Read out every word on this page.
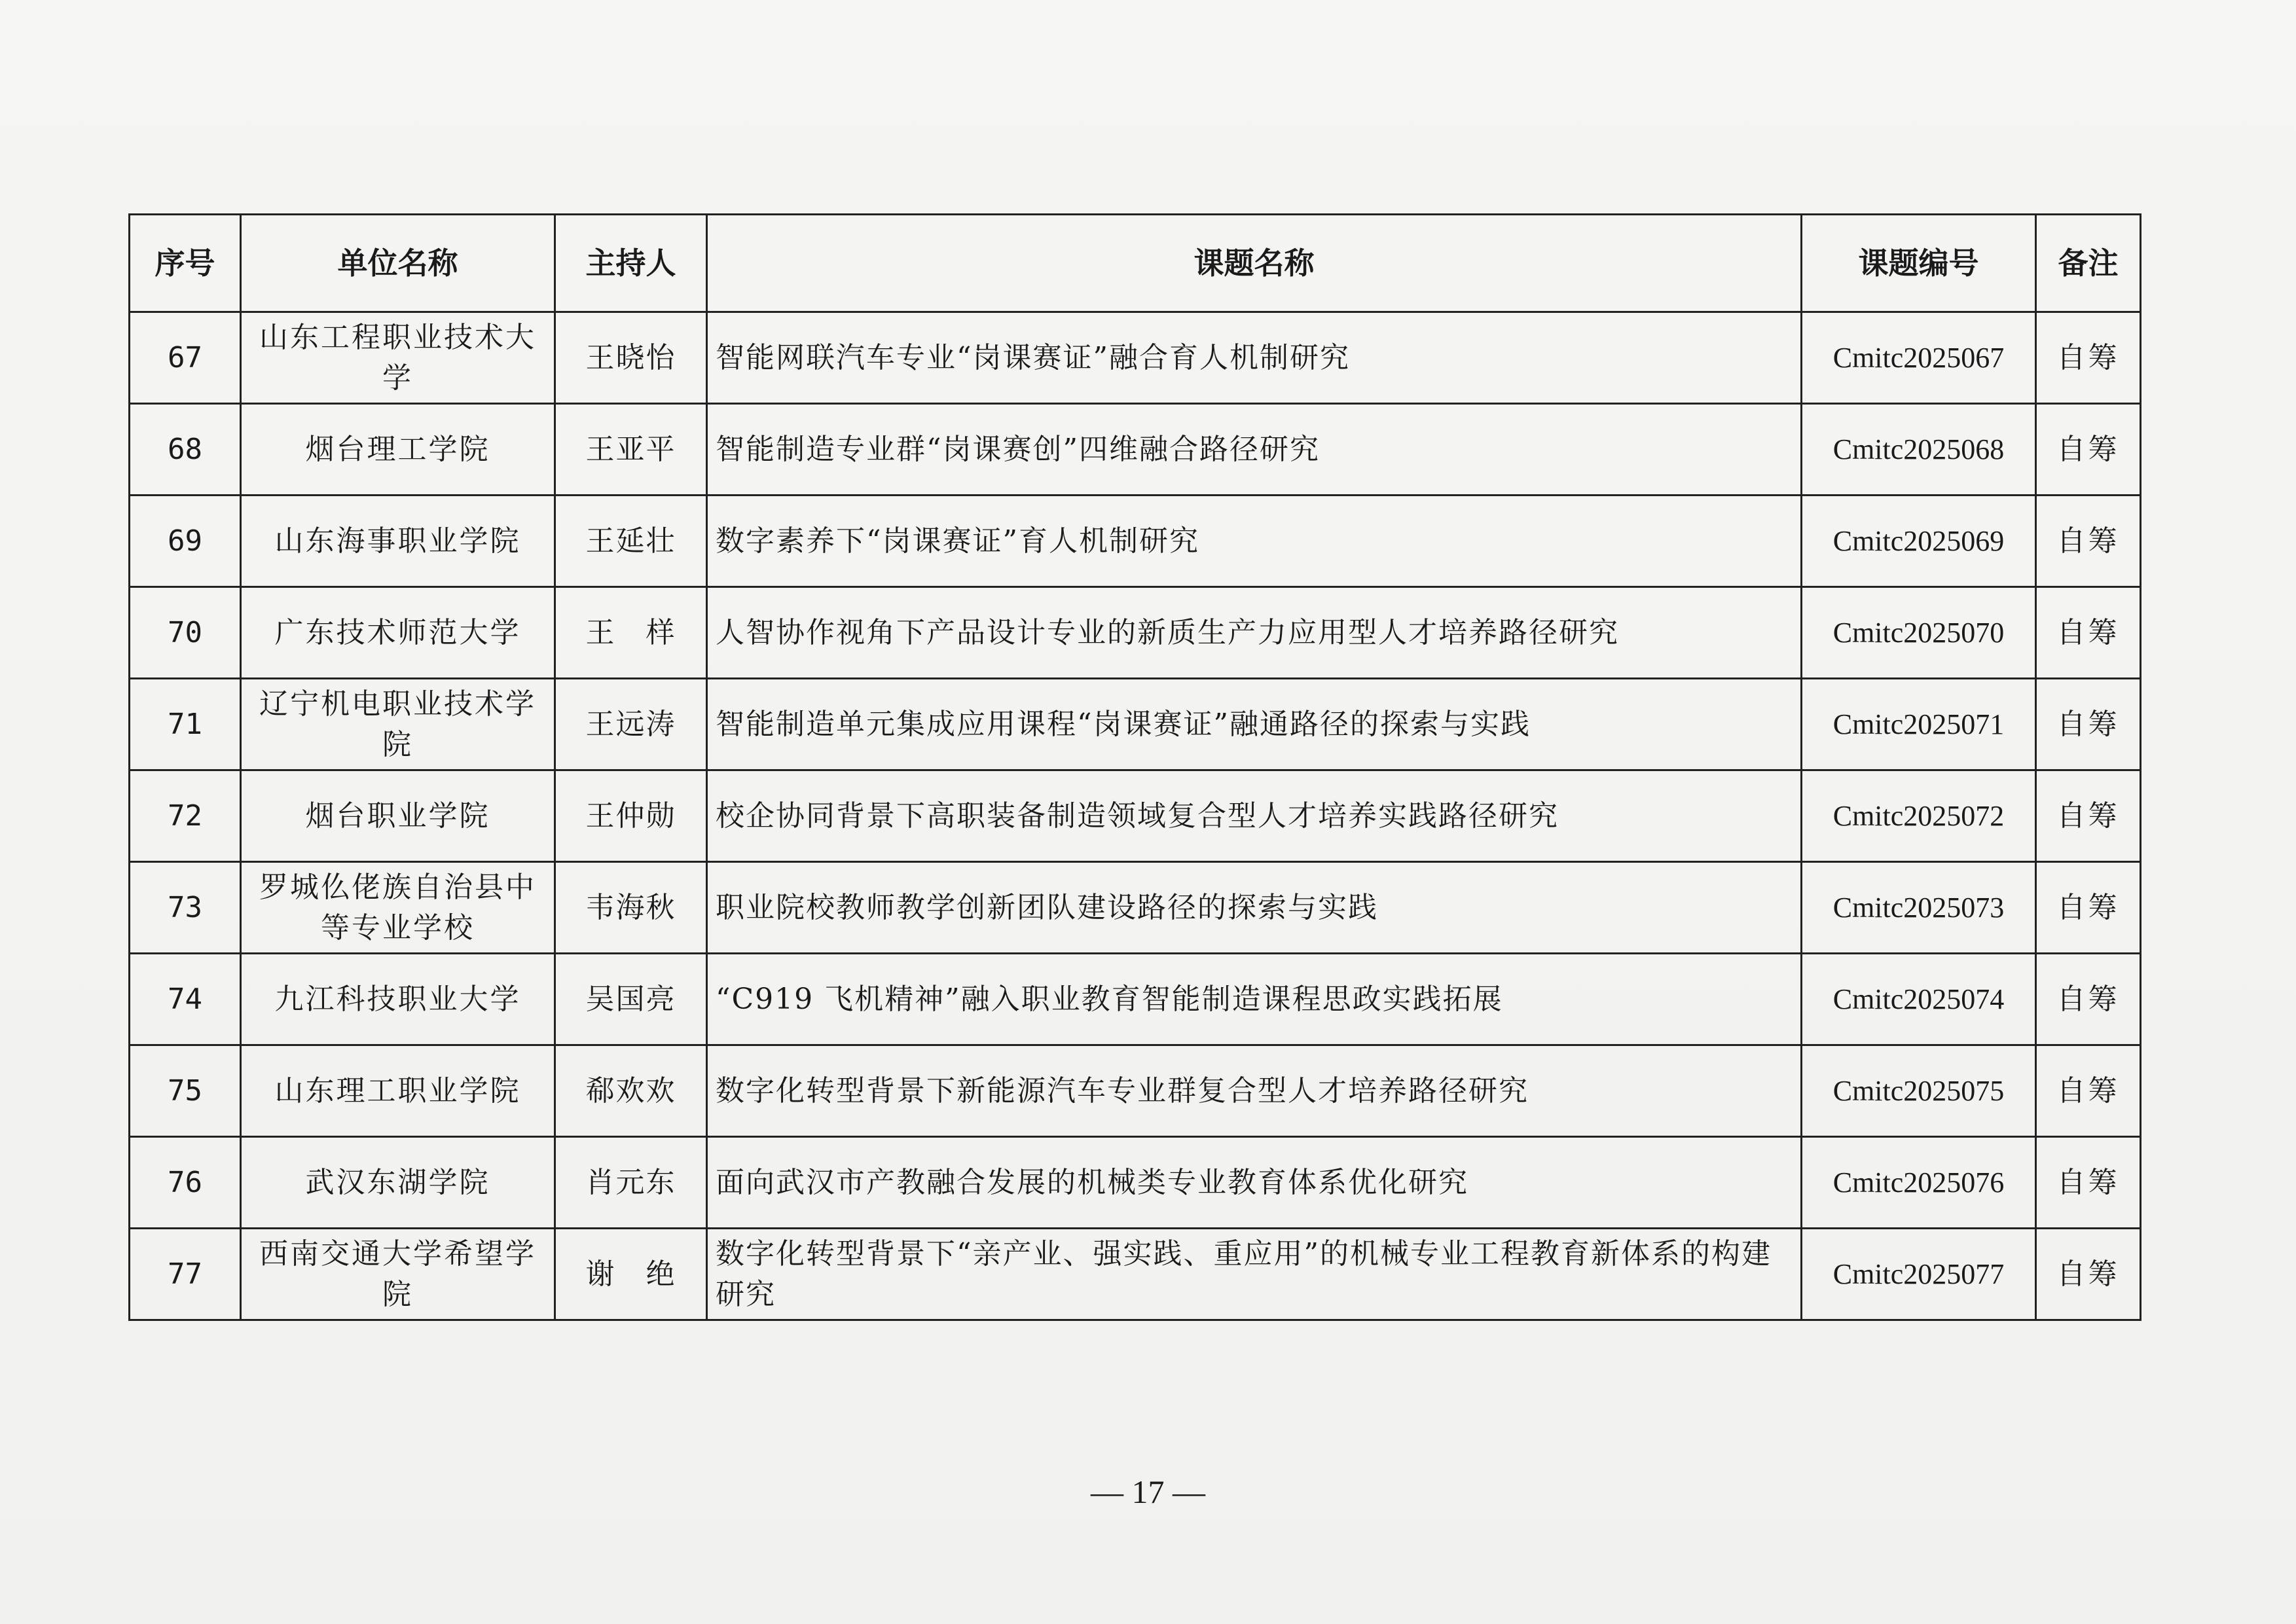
序号	单位名称	主持人	课题名称	课题编号	备注
67	山东工程职业技术大学	王晓怡	智能网联汽车专业“岗课赛证”融合育人机制研究	Cmitc2025067	自筹
68	烟台理工学院	王亚平	智能制造专业群“岗课赛创”四维融合路径研究	Cmitc2025068	自筹
69	山东海事职业学院	王延壮	数字素养下“岗课赛证”育人机制研究	Cmitc2025069	自筹
70	广东技术师范大学	王　样	人智协作视角下产品设计专业的新质生产力应用型人才培养路径研究	Cmitc2025070	自筹
71	辽宁机电职业技术学院	王远涛	智能制造单元集成应用课程“岗课赛证”融通路径的探索与实践	Cmitc2025071	自筹
72	烟台职业学院	王仲勋	校企协同背景下高职装备制造领域复合型人才培养实践路径研究	Cmitc2025072	自筹
73	罗城仫佬族自治县中等专业学校	韦海秋	职业院校教师教学创新团队建设路径的探索与实践	Cmitc2025073	自筹
74	九江科技职业大学	吴国亮	“C919 飞机精神”融入职业教育智能制造课程思政实践拓展	Cmitc2025074	自筹
75	山东理工职业学院	郗欢欢	数字化转型背景下新能源汽车专业群复合型人才培养路径研究	Cmitc2025075	自筹
76	武汉东湖学院	肖元东	面向武汉市产教融合发展的机械类专业教育体系优化研究	Cmitc2025076	自筹
77	西南交通大学希望学院	谢　绝	数字化转型背景下“亲产业、强实践、重应用”的机械专业工程教育新体系的构建研究	Cmitc2025077	自筹
— 17 —
